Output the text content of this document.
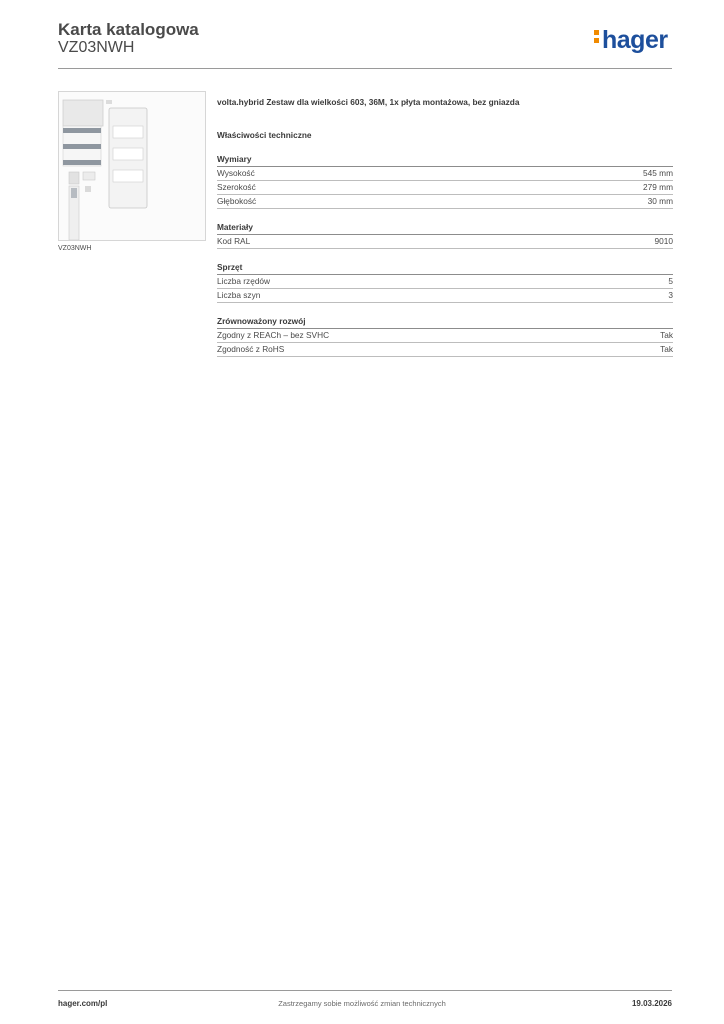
Karta katalogowa
VZ03NWH	hager
VZ03NWH
volta.hybrid Zestaw dla wielkości 603, 36M, 1x płyta montażowa, bez gniazda
Właściwości techniczne
Wymiary
Wysokość	545 mm
Szerokość	279 mm
Głębokość	30 mm
Materiały
Kod RAL	9010
Sprzęt
Liczba rzędów	5
Liczba szyn	3
Zrównoważony rozwój
Zgodny z REACh – bez SVHC	Tak
Zgodność z RoHS	Tak
hager.com/pl	Zastrzegamy sobie możliwość zmian technicznych	19.03.2026
